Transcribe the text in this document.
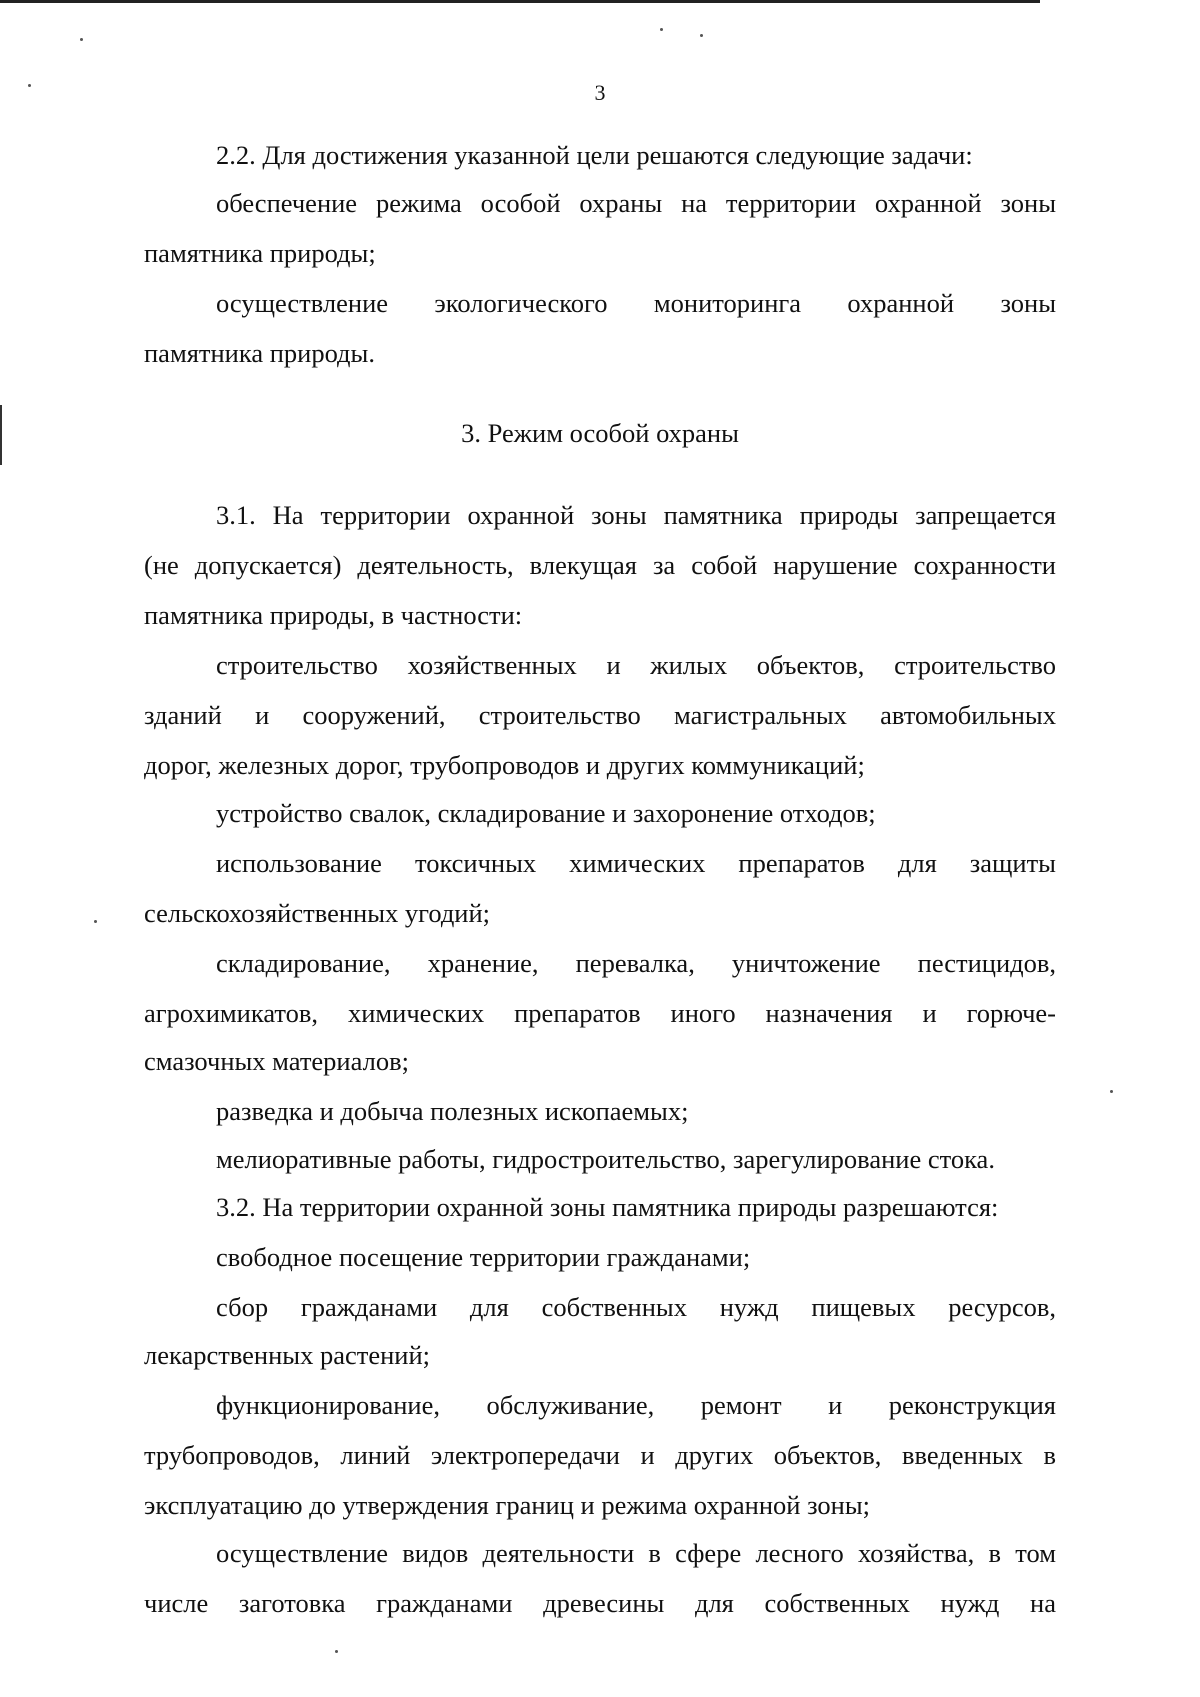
3
2.2. Для достижения указанной цели решаются следующие задачи:
обеспечение режима особой охраны на территории охранной зоны
памятника природы;
осуществление экологического мониторинга охранной зоны
памятника природы.
3. Режим особой охраны
3.1. На территории охранной зоны памятника природы запрещается
(не допускается) деятельность, влекущая за собой нарушение сохранности
памятника природы, в частности:
строительство хозяйственных и жилых объектов, строительство
зданий и сооружений, строительство магистральных автомобильных
дорог, железных дорог, трубопроводов и других коммуникаций;
устройство свалок, складирование и захоронение отходов;
использование токсичных химических препаратов для защиты
сельскохозяйственных угодий;
складирование, хранение, перевалка, уничтожение пестицидов,
агрохимикатов, химических препаратов иного назначения и горюче-
смазочных материалов;
разведка и добыча полезных ископаемых;
мелиоративные работы, гидростроительство, зарегулирование стока.
3.2. На территории охранной зоны памятника природы разрешаются:
свободное посещение территории гражданами;
сбор гражданами для собственных нужд пищевых ресурсов,
лекарственных растений;
функционирование, обслуживание, ремонт и реконструкция
трубопроводов, линий электропередачи и других объектов, введенных в
эксплуатацию до утверждения границ и режима охранной зоны;
осуществление видов деятельности в сфере лесного хозяйства, в том
числе заготовка гражданами древесины для собственных нужд на
